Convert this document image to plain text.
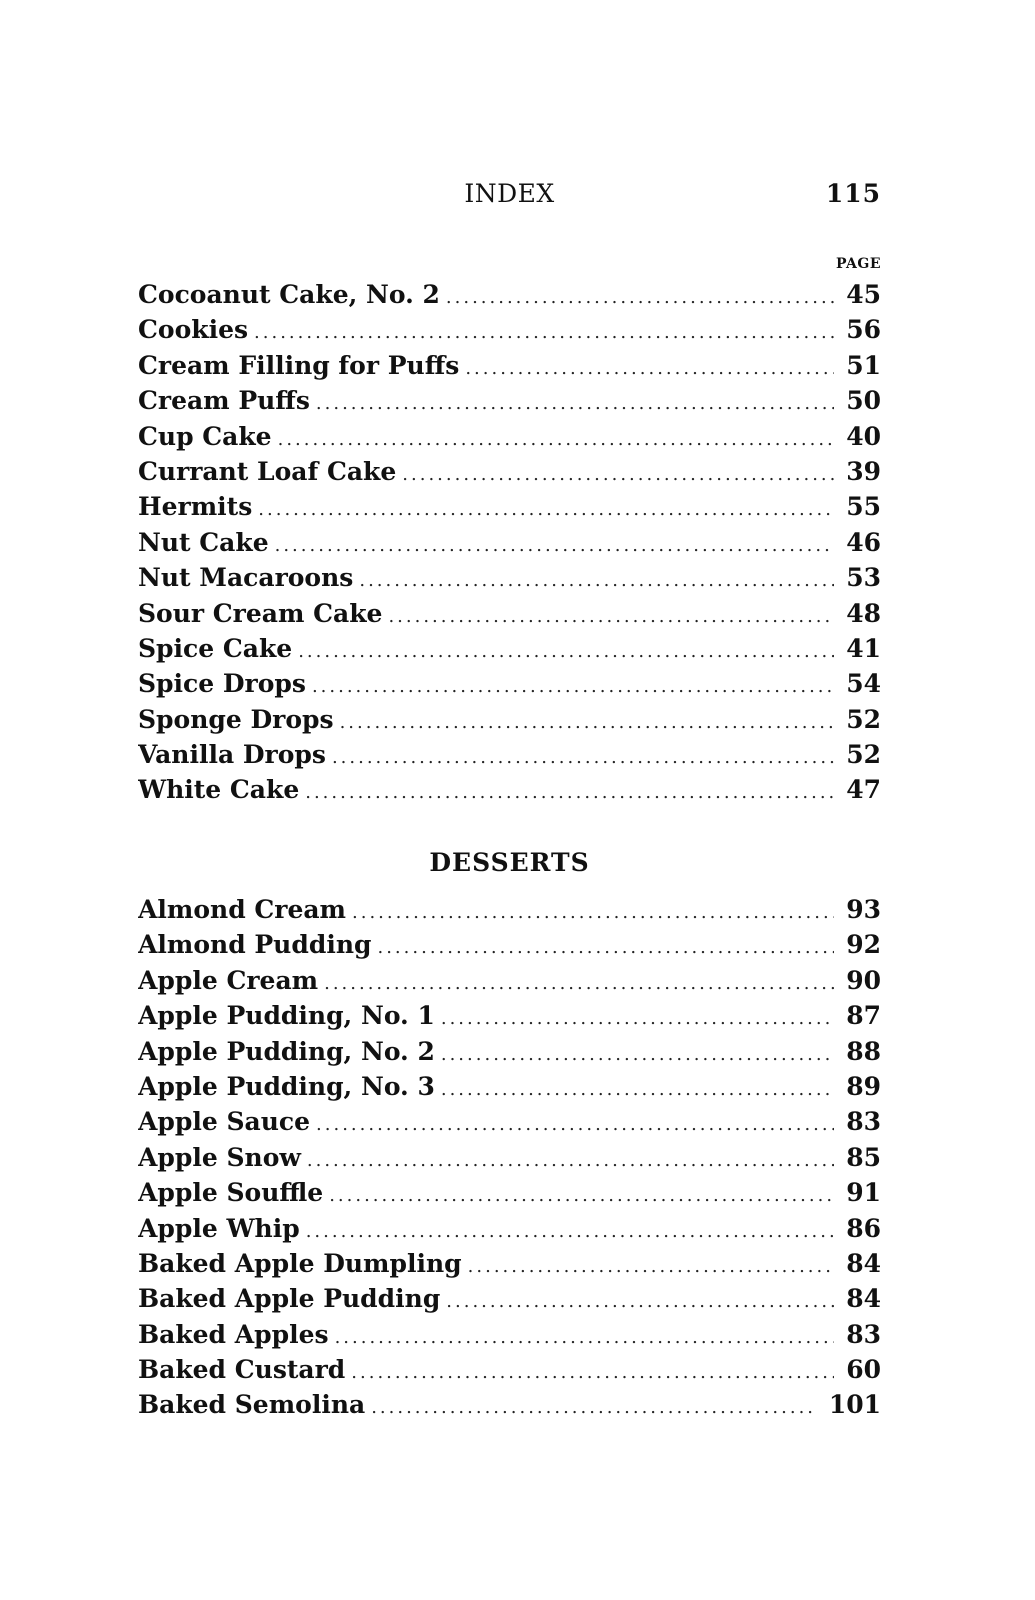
INDEX	115
PAGE
Cocoanut Cake, No. 2 .....	45
Cookies .....	56
Cream Filling for Puffs .....	51
Cream Puffs .....	50
Cup Cake .....	40
Currant Loaf Cake .....	39
Hermits .....	55
Nut Cake .....	46
Nut Macaroons .....	53
Sour Cream Cake .....	48
Spice Cake .....	41
Spice Drops .....	54
Sponge Drops .....	52
Vanilla Drops .....	52
White Cake .....	47
DESSERTS
Almond Cream .....	93
Almond Pudding .....	92
Apple Cream .....	90
Apple Pudding, No. 1 .....	87
Apple Pudding, No. 2 .....	88
Apple Pudding, No. 3 .....	89
Apple Sauce .....	83
Apple Snow .....	85
Apple Souffle .....	91
Apple Whip .....	86
Baked Apple Dumpling .....	84
Baked Apple Pudding .....	84
Baked Apples .....	83
Baked Custard .....	60
Baked Semolina .....	101
